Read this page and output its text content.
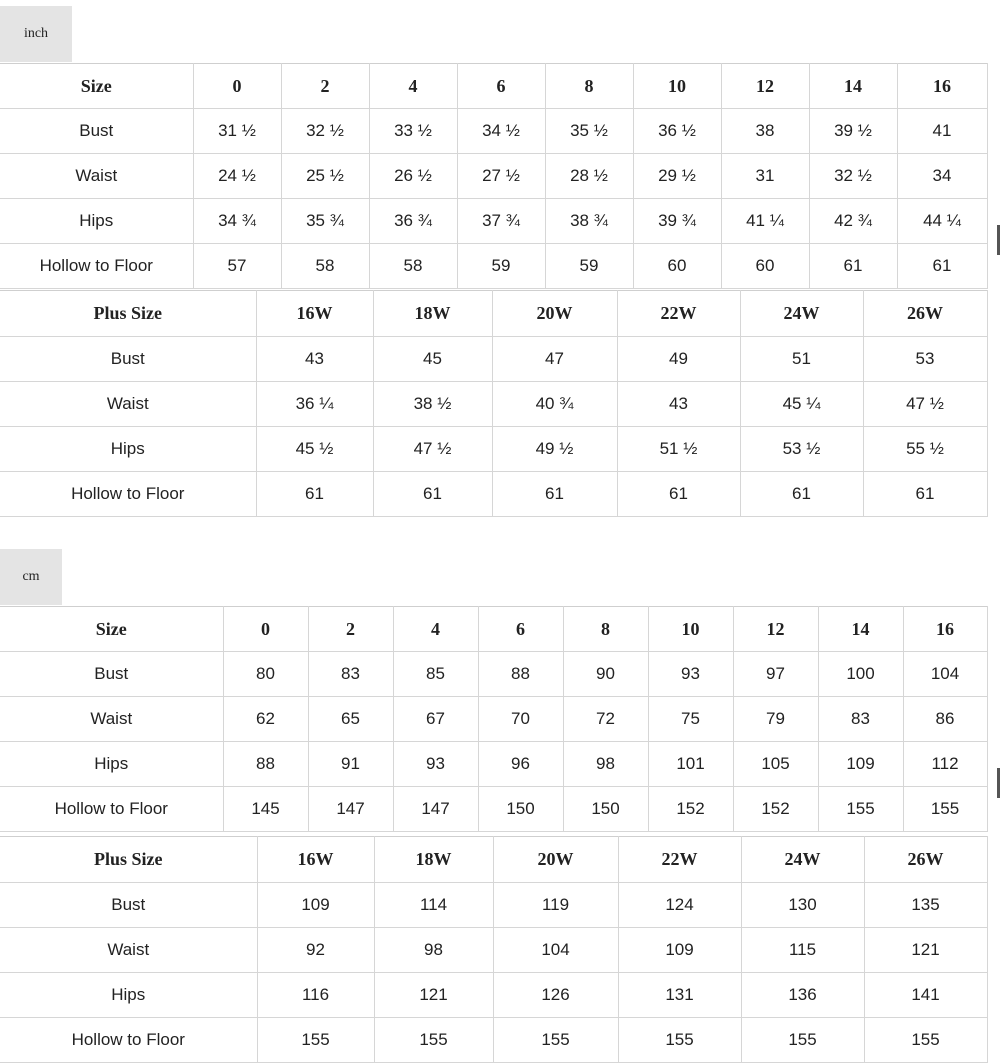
inch
Size	0	2	4	6	8	10	12	14	16
Bust	31 ½	32 ½	33 ½	34 ½	35 ½	36 ½	38	39 ½	41
Waist	24 ½	25 ½	26 ½	27 ½	28 ½	29 ½	31	32 ½	34
Hips	34 ¾	35 ¾	36 ¾	37 ¾	38 ¾	39 ¾	41 ¼	42 ¾	44 ¼
Hollow to Floor	57	58	58	59	59	60	60	61	61
Plus Size	16W	18W	20W	22W	24W	26W
Bust	43	45	47	49	51	53
Waist	36 ¼	38 ½	40 ¾	43	45 ¼	47 ½
Hips	45 ½	47 ½	49 ½	51 ½	53 ½	55 ½
Hollow to Floor	61	61	61	61	61	61
cm
Size	0	2	4	6	8	10	12	14	16
Bust	80	83	85	88	90	93	97	100	104
Waist	62	65	67	70	72	75	79	83	86
Hips	88	91	93	96	98	101	105	109	112
Hollow to Floor	145	147	147	150	150	152	152	155	155
Plus Size	16W	18W	20W	22W	24W	26W
Bust	109	114	119	124	130	135
Waist	92	98	104	109	115	121
Hips	116	121	126	131	136	141
Hollow to Floor	155	155	155	155	155	155
